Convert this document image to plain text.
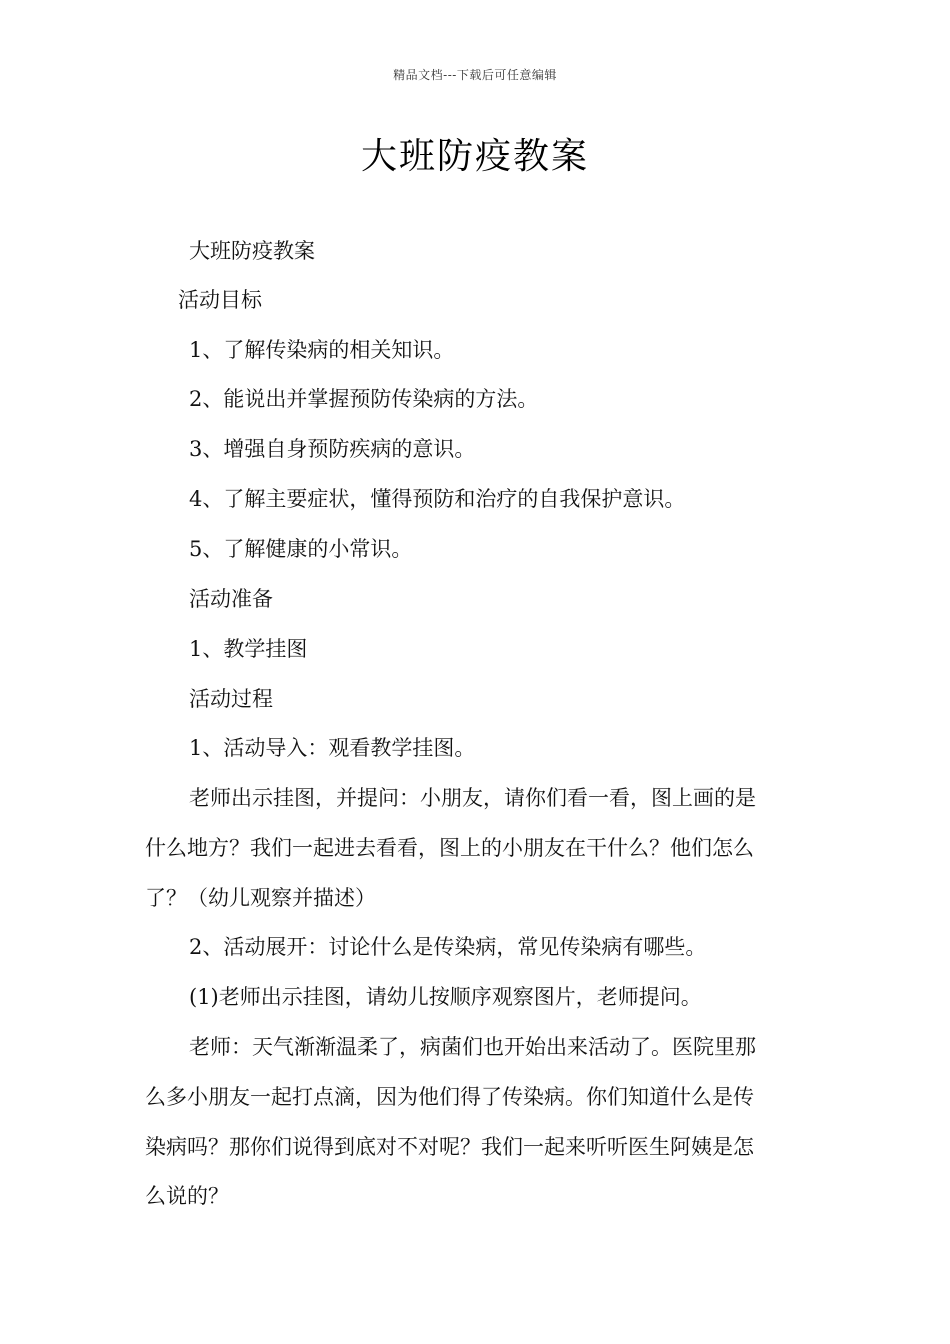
精品文档---下载后可任意编辑
大班防疫教案
大班防疫教案
活动目标
1、了解传染病的相关知识。
2、能说出并掌握预防传染病的方法。
3、增强自身预防疾病的意识。
4、了解主要症状，懂得预防和治疗的自我保护意识。
5、了解健康的小常识。
活动准备
1、教学挂图
活动过程
1、活动导入：观看教学挂图。
老师出示挂图，并提问：小朋友，请你们看一看，图上画的是
什么地方？我们一起进去看看，图上的小朋友在干什么？他们怎么
了？（幼儿观察并描述）
2、活动展开：讨论什么是传染病，常见传染病有哪些。
(1)老师出示挂图，请幼儿按顺序观察图片，老师提问。
老师：天气渐渐温柔了，病菌们也开始出来活动了。医院里那
么多小朋友一起打点滴，因为他们得了传染病。你们知道什么是传
染病吗？那你们说得到底对不对呢？我们一起来听听医生阿姨是怎
么说的？
